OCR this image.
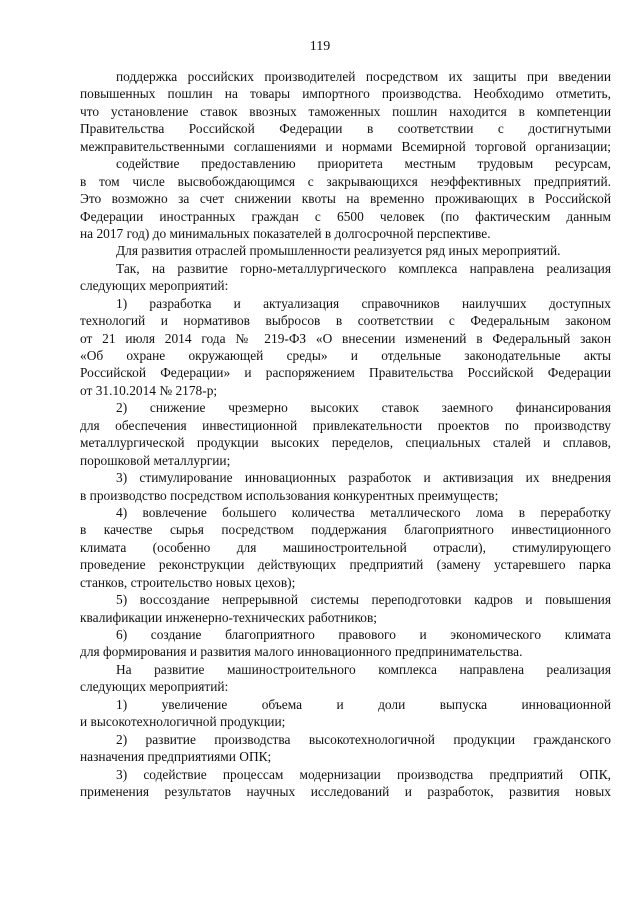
119
поддержка российских производителей посредством их защиты при введении
повышенных пошлин на товары импортного производства. Необходимо отметить,
что установление ставок ввозных таможенных пошлин находится в компетенции
Правительства Российской Федерации в соответствии с достигнутыми
межправительственными соглашениями и нормами Всемирной торговой организации;
содействие предоставлению приоритета местным трудовым ресурсам,
в том числе высвобождающимся с закрывающихся неэффективных предприятий.
Это возможно за счет снижении квоты на временно проживающих в Российской
Федерации иностранных граждан с 6500 человек (по фактическим данным
на 2017 год) до минимальных показателей в долгосрочной перспективе.
Для развития отраслей промышленности реализуется ряд иных мероприятий.
Так, на развитие горно-металлургического комплекса направлена реализация
следующих мероприятий:
1) разработка и актуализация справочников наилучших доступных
технологий и нормативов выбросов в соответствии с Федеральным законом
от 21 июля 2014 года № 219-ФЗ «О внесении изменений в Федеральный закон
«Об охране окружающей среды» и отдельные законодательные акты
Российской Федерации» и распоряжением Правительства Российской Федерации
от 31.10.2014 № 2178-р;
2) снижение чрезмерно высоких ставок заемного финансирования
для обеспечения инвестиционной привлекательности проектов по производству
металлургической продукции высоких переделов, специальных сталей и сплавов,
порошковой металлургии;
3) стимулирование инновационных разработок и активизация их внедрения
в производство посредством использования конкурентных преимуществ;
4) вовлечение большего количества металлического лома в переработку
в качестве сырья посредством поддержания благоприятного инвестиционного
климата (особенно для машиностроительной отрасли), стимулирующего
проведение реконструкции действующих предприятий (замену устаревшего парка
станков, строительство новых цехов);
5) воссоздание непрерывной системы переподготовки кадров и повышения
квалификации инженерно-технических работников;
6) создание благоприятного правового и экономического климата
для формирования и развития малого инновационного предпринимательства.
На развитие машиностроительного комплекса направлена реализация
следующих мероприятий:
1) увеличение объема и доли выпуска инновационной
и высокотехнологичной продукции;
2) развитие производства высокотехнологичной продукции гражданского
назначения предприятиями ОПК;
3) содействие процессам модернизации производства предприятий ОПК,
применения результатов научных исследований и разработок, развития новых
